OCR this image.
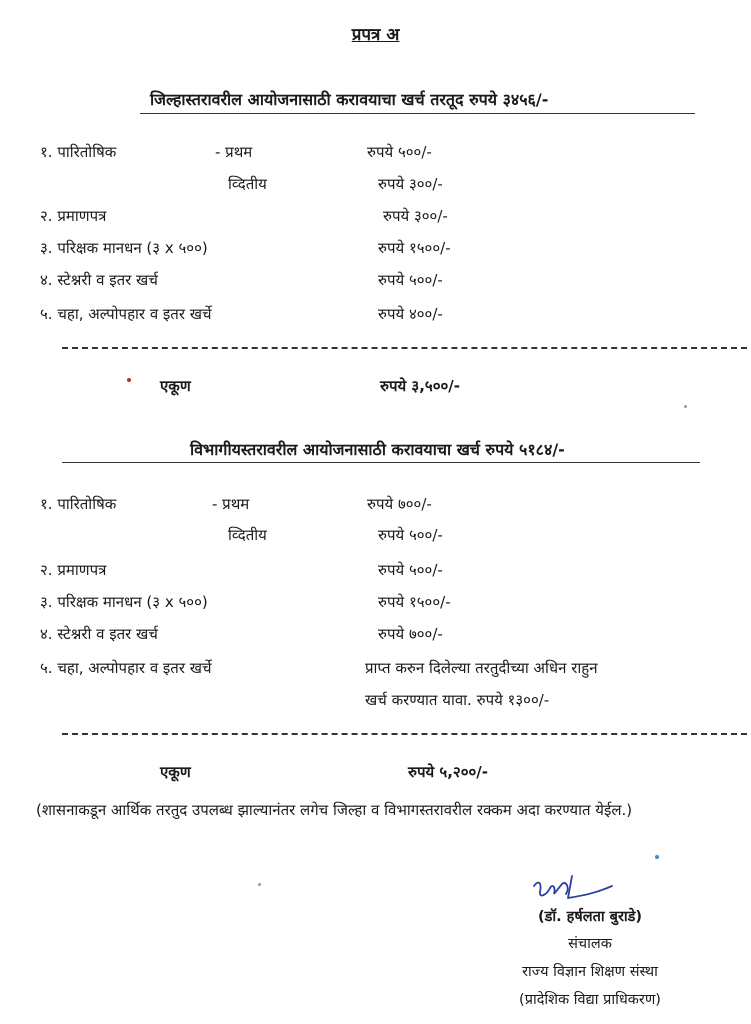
प्रपत्र अ
जिल्हास्तरावरील आयोजनासाठी करावयाचा खर्च तरतूद रुपये ३४५६/-
१. पारितोषिक	- प्रथम	रुपये ५००/-
व्दितीय	रुपये ३००/-
२. प्रमाणपत्र	रुपये ३००/-
३. परिक्षक मानधन (३ x ५००)	रुपये १५००/-
४. स्टेश्नरी व इतर खर्च	रुपये ५००/-
५. चहा, अल्पोपहार व इतर खर्चे	रुपये ४००/-
एकूण	रुपये ३,५००/-
विभागीयस्तरावरील आयोजनासाठी करावयाचा खर्च रुपये ५१८४/-
१. पारितोषिक	- प्रथम	रुपये ७००/-
व्दितीय	रुपये ५००/-
२. प्रमाणपत्र	रुपये ५००/-
३. परिक्षक मानधन (३ x ५००)	रुपये १५००/-
४. स्टेश्नरी व इतर खर्च	रुपये ७००/-
५. चहा, अल्पोपहार व इतर खर्चे	प्राप्त करुन दिलेल्या तरतुदीच्या अधिन राहुन
खर्च करण्यात यावा. रुपये १३००/-
एकूण	रुपये ५,२००/-
(शासनाकडून आर्थिक तरतुद उपलब्ध झाल्यानंतर लगेच जिल्हा व विभागस्तरावरील रक्कम अदा करण्यात येईल.)
(डॉ. हर्षलता बुराडे)
संचालक
राज्य विज्ञान शिक्षण संस्था
(प्रादेशिक विद्या प्राधिकरण)
